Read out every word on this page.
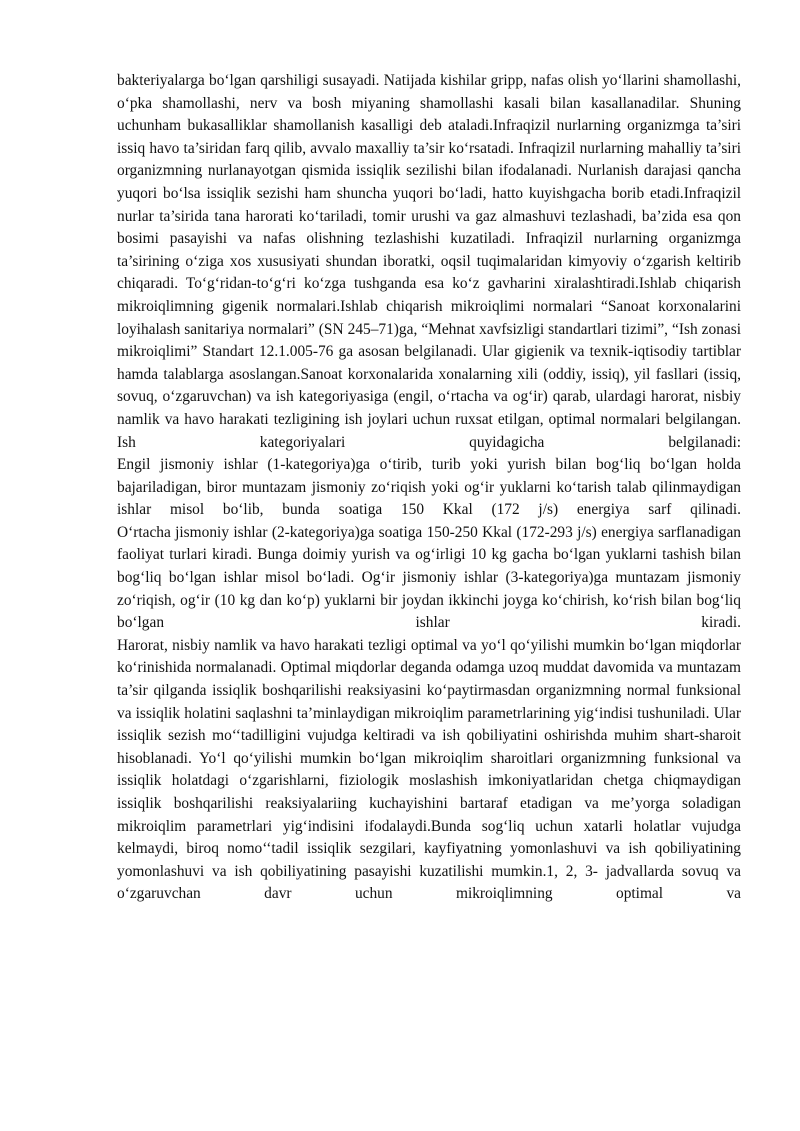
bakteriyalarga bo‘lgan qarshiligi susayadi. Natijada kishilar gripp, nafas olish yo‘llarini shamollashi, o‘pka shamollashi, nerv va bosh miyaning shamollashi kasali bilan kasallanadilar. Shuning uchunham bukasalliklar shamollanish kasalligi deb ataladi.Infraqizil nurlarning organizmga ta’siri issiq havo ta’siridan farq qilib, avvalo maxalliy ta’sir ko‘rsatadi. Infraqizil nurlarning mahalliy ta’siri organizmning nurlanayotgan qismida issiqlik sezilishi bilan ifodalanadi. Nurlanish darajasi qancha yuqori bo‘lsa issiqlik sezishi ham shuncha yuqori bo‘ladi, hatto kuyishgacha borib etadi.Infraqizil nurlar ta’sirida tana harorati ko‘tariladi, tomir urushi va gaz almashuvi tezlashadi, ba’zida esa qon bosimi pasayishi va nafas olishning tezlashishi kuzatiladi. Infraqizil nurlarning organizmga ta’sirining o‘ziga xos xususiyati shundan iboratki, oqsil tuqimalaridan kimyoviy o‘zgarish keltirib chiqaradi. To‘g‘ridan-to‘g‘ri ko‘zga tushganda esa ko‘z gavharini xiralashtiradi.Ishlab chiqarish mikroiqlimning gigenik normalari.Ishlab chiqarish mikroiqlimi normalari “Sanoat korxonalarini loyihalash sanitariya normalari” (SN 245–71)ga, “Mehnat xavfsizligi standartlari tizimi”, “Ish zonasi mikroiqlimi” Standart 12.1.005-76 ga asosan belgilanadi. Ular gigienik va texnik-iqtisodiy tartiblar hamda talablarga asoslangan.Sanoat korxonalarida xonalarning xili (oddiy, issiq), yil fasllari (issiq, sovuq, o‘zgaruvchan) va ish kategoriyasiga (engil, o‘rtacha va og‘ir) qarab, ulardagi harorat, nisbiy namlik va havo harakati tezligining ish joylari uchun ruxsat etilgan, optimal normalari belgilangan. Ish kategoriyalari quyidagicha belgilanadi:

Engil jismoniy ishlar (1-kategoriya)ga o‘tirib, turib yoki yurish bilan bog‘liq bo‘lgan holda bajariladigan, biror muntazam jismoniy zo‘riqish yoki og‘ir yuklarni ko‘tarish talab qilinmaydigan ishlar misol bo‘lib, bunda soatiga 150 Kkal (172 j/s) energiya sarf qilinadi.

O‘rtacha jismoniy ishlar (2-kategoriya)ga soatiga 150-250 Kkal (172-293 j/s) energiya sarflanadigan faoliyat turlari kiradi. Bunga doimiy yurish va og‘irligi 10 kg gacha bo‘lgan yuklarni tashish bilan bog‘liq bo‘lgan ishlar misol bo‘ladi. Og‘ir jismoniy ishlar (3-kategoriya)ga muntazam jismoniy zo‘riqish, og‘ir (10 kg dan ko‘p) yuklarni bir joydan ikkinchi joyga ko‘chirish, ko‘rish bilan bog‘liq bo‘lgan ishlar kiradi.

Harorat, nisbiy namlik va havo harakati tezligi optimal va yo‘l qo‘yilishi mumkin bo‘lgan miqdorlar ko‘rinishida normalanadi. Optimal miqdorlar deganda odamga uzoq muddat davomida va muntazam ta’sir qilganda issiqlik boshqarilishi reaksiyasini ko‘paytirmasdan organizmning normal funksional va issiqlik holatini saqlashni ta’minlaydigan mikroiqlim parametrlarining yig‘indisi tushuniladi. Ular issiqlik sezish mo‘‘tadilligini vujudga keltiradi va ish qobiliyatini oshirishda muhim shart-sharoit hisoblanadi. Yo‘l qo‘yilishi mumkin bo‘lgan mikroiqlim sharoitlari organizmning funksional va issiqlik holatdagi o‘zgarishlarni, fiziologik moslashish imkoniyatlaridan chetga chiqmaydigan issiqlik boshqarilishi reaksiyalariing kuchayishini bartaraf etadigan va me’yorga soladigan mikroiqlim parametrlari yig‘indisini ifodalaydi.Bunda sog‘liq uchun xatarli holatlar vujudga kelmaydi, biroq nomo‘‘tadil issiqlik sezgilari, kayfiyatning yomonlashuvi va ish qobiliyatining yomonlashuvi va ish qobiliyatining pasayishi kuzatilishi mumkin.1, 2, 3- jadvallarda sovuq va o‘zgaruvchan davr uchun mikroiqlimning optimal va
